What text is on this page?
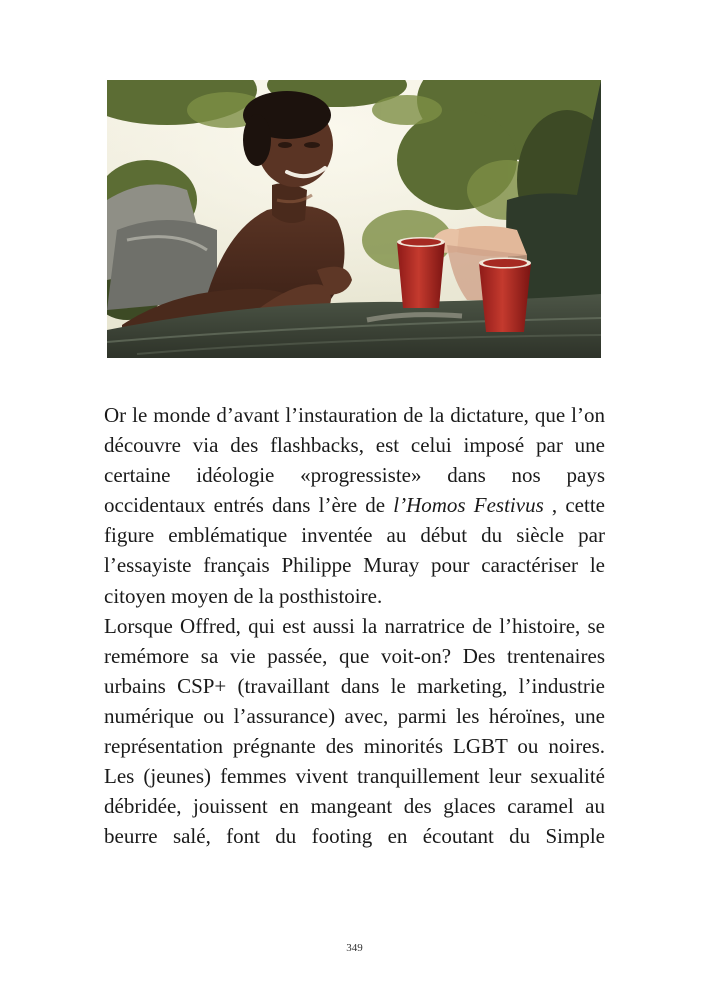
Or le monde d’avant l’instauration de la dictature, que l’on découvre via des flashbacks, est celui imposé par une certaine idéologie «progressiste» dans nos pays occidentaux entrés dans l’ère de l’Homos Festivus , cette figure emblématique inventée au début du siècle par l’essayiste français Philippe Muray pour caractériser le citoyen moyen de la posthistoire.

Lorsque Offred, qui est aussi la narratrice de l’histoire, se remémore sa vie passée, que voit-on? Des trentenaires urbains CSP+ (travaillant dans le marketing, l’industrie numérique ou l’assurance) avec, parmi les héroïnes, une représentation prégnante des minorités LGBT ou noires. Les (jeunes) femmes vivent tranquillement leur sexualité débridée, jouissent en mangeant des glaces caramel au beurre salé, font du footing en écoutant du Simple

349
